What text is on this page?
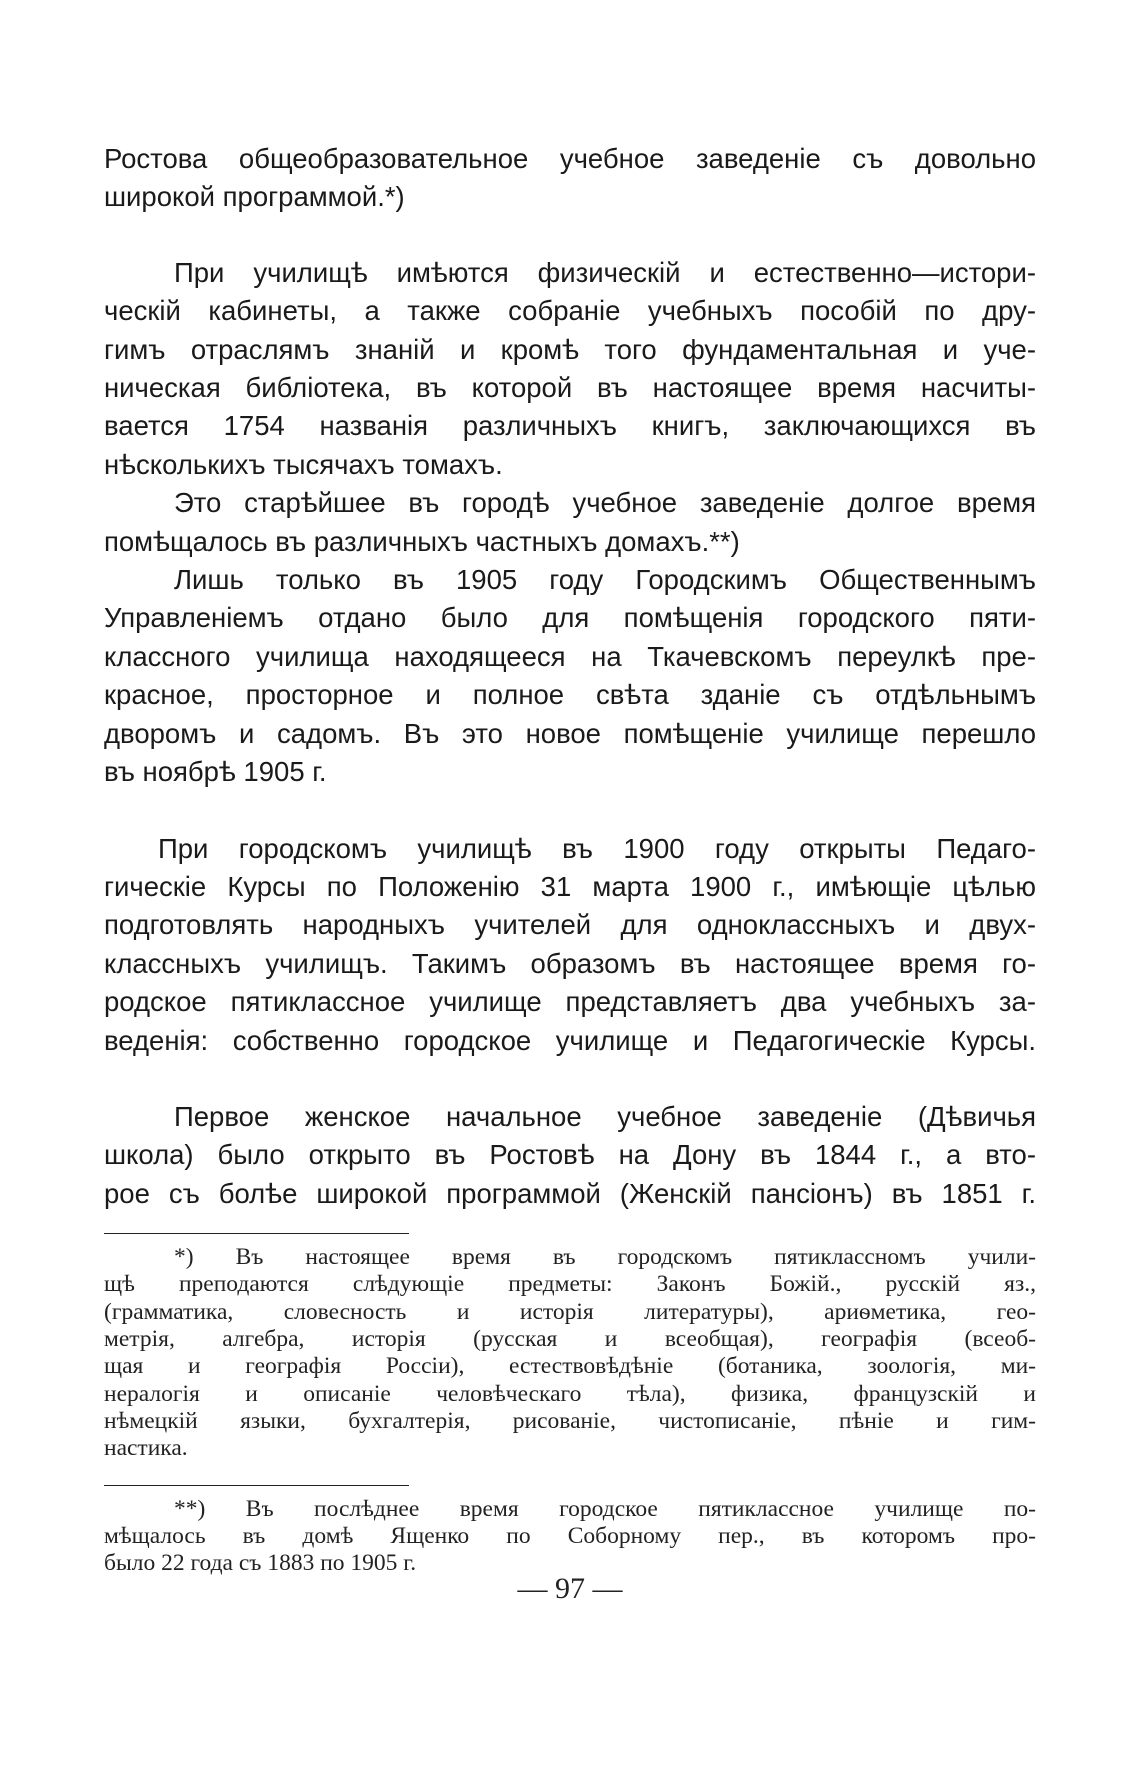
Ростова общеобразовательное учебное заведеніе съ довольно
широкой программой.*)

При училищѣ имѣются физическій и естественно—истори-

ческій кабинеты, а также собраніе учебныхъ пособій по дру-
гимъ отраслямъ знаній и кромѣ того фундаментальная и уче-
ническая библіотека, въ которой въ настоящее время насчиты-
вается 1754 названія различныхъ книгъ, заключающихся въ
нѣсколькихъ тысячахъ томахъ.

Это старѣйшее въ городѣ учебное заведеніе долгое время

помѣщалось въ различныхъ частныхъ домахъ.**)

Лишь только въ 1905 году Городскимъ Общественнымъ

Управленіемъ отдано было для помѣщенія городского пяти-
классного училища находящееся на Ткачевскомъ переулкѣ пре-
красное, просторное и полное свѣта зданіе съ отдѣльнымъ
дворомъ и садомъ. Въ это новое помѣщеніе училище перешло
въ ноябрѣ 1905 г.

При городскомъ училищѣ въ 1900 году открыты Педаго-

гическіе Курсы по Положенію 31 марта 1900 г., имѣющіе цѣлью
подготовлять народныхъ учителей для одноклассныхъ и двух-
классныхъ училищъ. Такимъ образомъ въ настоящее время го-
родское пятиклассное училище представляетъ два учебныхъ за-
веденія: собственно городское училище и Педагогическіе Курсы.

Первое женское начальное учебное заведеніе (Дѣвичья

школа) было открыто въ Ростовѣ на Дону въ 1844 г., а вто-
рое съ болѣе широкой программой (Женскій пансіонъ) въ 1851 г.

*) Въ настоящее время въ городскомъ пятиклассномъ учили-

щѣ преподаются слѣдующіе предметы: Законъ Божій., русскій яз.,
(грамматика, словесность и исторія литературы), ариѳметика, гео-
метрія, алгебра, исторія (русская и всеобщая), географія (всеоб-
щая и географія Россіи), естествовѣдѣніе (ботаника, зоологія, ми-
нералогія и описаніе человѣческаго тѣла), физика, французскій и
нѣмецкій языки, бухгалтерія, рисованіе, чистописаніе, пѣніе и гим-
настика.

**) Въ послѣднее время городское пятиклассное училище по-

мѣщалось въ домѣ Ященко по Соборному пер., въ которомъ про-
было 22 года съ 1883 по 1905 г.

— 97 —
